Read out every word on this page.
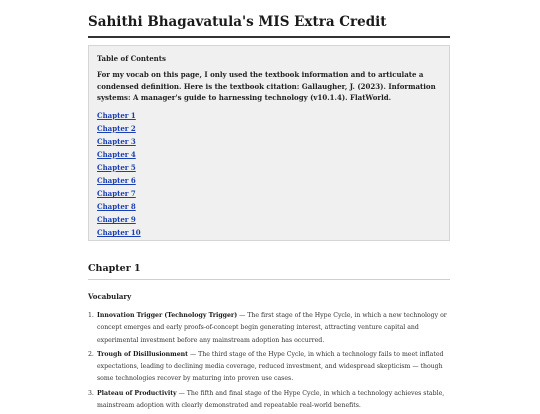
Sahithi Bhagavatula's MIS Extra Credit
Table of Contents

For my vocab on this page, I only used the textbook information and to articulate a condensed definition. Here is the textbook citation: Gallaugher, J. (2023). Information systems: A manager's guide to harnessing technology (v10.1.4). FlatWorld.

Chapter 1
Chapter 2
Chapter 3
Chapter 4
Chapter 5
Chapter 6
Chapter 7
Chapter 8
Chapter 9
Chapter 10
Chapter 1
Vocabulary
1. Innovation Trigger (Technology Trigger) — The first stage of the Hype Cycle, in which a new technology or concept emerges and early proofs-of-concept begin generating interest, attracting venture capital and experimental investment before any mainstream adoption has occurred.
2. Trough of Disillusionment — The third stage of the Hype Cycle, in which a technology fails to meet inflated expectations, leading to declining media coverage, reduced investment, and widespread skepticism — though some technologies recover by maturing into proven use cases.
3. Plateau of Productivity — The fifth and final stage of the Hype Cycle, in which a technology achieves stable, mainstream adoption with clearly demonstrated and repeatable real-world benefits.
